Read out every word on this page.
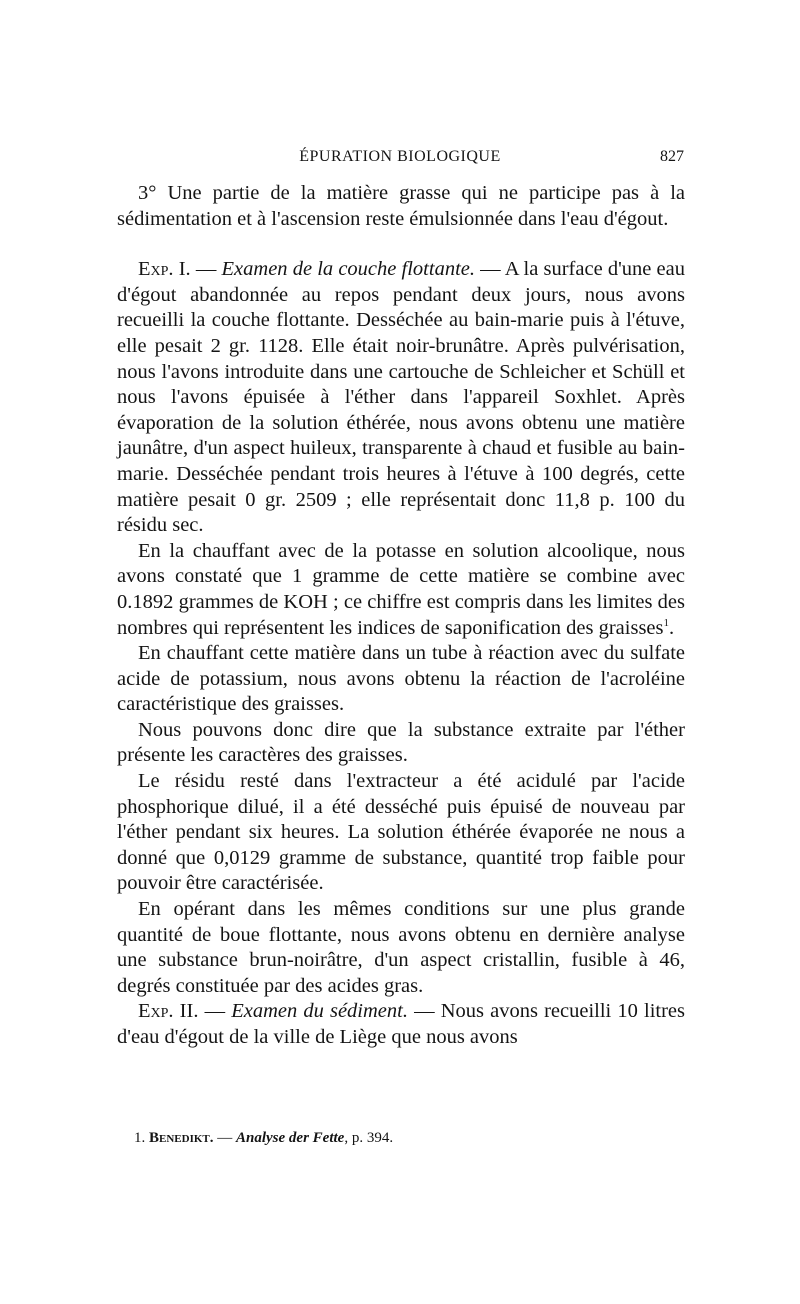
ÉPURATION BIOLOGIQUE	827

3° Une partie de la matière grasse qui ne participe pas à la sédimentation et à l'ascension reste émulsionnée dans l'eau d'égout.

Exp. I. — Examen de la couche flottante. — A la surface d'une eau d'égout abandonnée au repos pendant deux jours, nous avons recueilli la couche flottante. Desséchée au bain-marie puis à l'étuve, elle pesait 2 gr. 1128. Elle était noir-brunâtre. Après pulvérisation, nous l'avons introduite dans une cartouche de Schleicher et Schüll et nous l'avons épuisée à l'éther dans l'appareil Soxhlet. Après évaporation de la solution éthérée, nous avons obtenu une matière jaunâtre, d'un aspect huileux, transparente à chaud et fusible au bain-marie. Desséchée pendant trois heures à l'étuve à 100 degrés, cette matière pesait 0 gr. 2509 ; elle représentait donc 11,8 p. 100 du résidu sec.

En la chauffant avec de la potasse en solution alcoolique, nous avons constaté que 1 gramme de cette matière se combine avec 0.1892 grammes de KOH ; ce chiffre est compris dans les limites des nombres qui représentent les indices de saponification des graisses$^1$.

En chauffant cette matière dans un tube à réaction avec du sulfate acide de potassium, nous avons obtenu la réaction de l'acroléine caractéristique des graisses.

Nous pouvons donc dire que la substance extraite par l'éther présente les caractères des graisses.

Le résidu resté dans l'extracteur a été acidulé par l'acide phosphorique dilué, il a été desséché puis épuisé de nouveau par l'éther pendant six heures. La solution éthérée évaporée ne nous a donné que 0,0129 gramme de substance, quantité trop faible pour pouvoir être caractérisée.

En opérant dans les mêmes conditions sur une plus grande quantité de boue flottante, nous avons obtenu en dernière analyse une substance brun-noirâtre, d'un aspect cristallin, fusible à 46, degrés constituée par des acides gras.

Exp. II. — Examen du sédiment. — Nous avons recueilli 10 litres d'eau d'égout de la ville de Liège que nous avons

1. Benedikt. — Analyse der Fette, p. 394.
